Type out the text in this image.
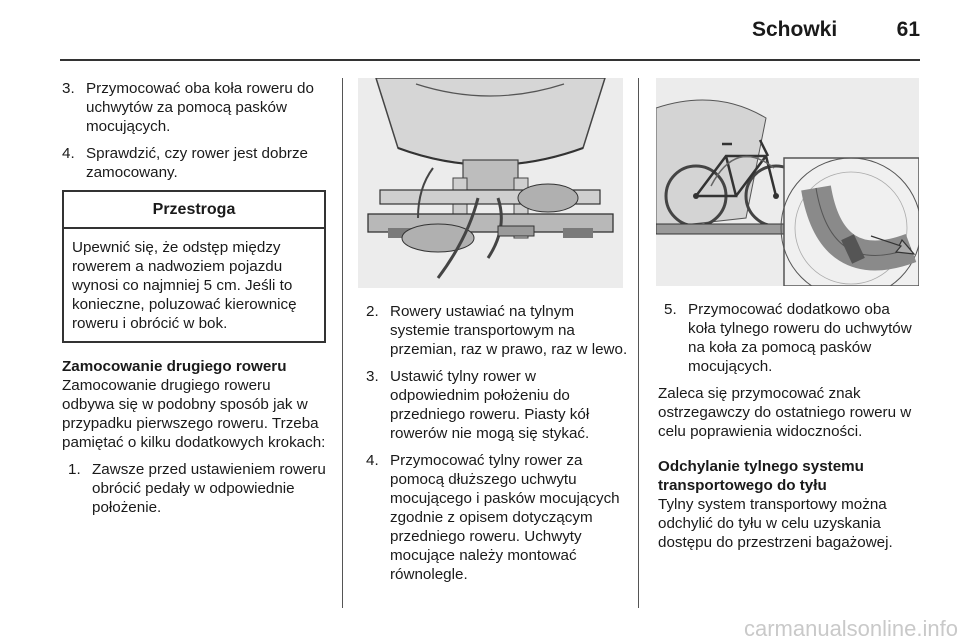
Schowki	61
3. Przymocować oba koła roweru do uchwytów za pomocą pasków mocujących.
4. Sprawdzić, czy rower jest dobrze zamocowany.
Przestroga
Upewnić się, że odstęp między rowerem a nadwoziem pojazdu wynosi co najmniej 5 cm. Jeśli to konieczne, poluzować kierownicę roweru i obrócić w bok.
Zamocowanie drugiego roweru

Zamocowanie drugiego roweru odbywa się w podobny sposób jak w przypadku pierwszego roweru. Trzeba pamiętać o kilku dodatkowych krokach:

1. Zawsze przed ustawieniem roweru obrócić pedały w odpowiednie położenie.
2. Rowery ustawiać na tylnym systemie transportowym na przemian, raz w prawo, raz w lewo.
3. Ustawić tylny rower w odpowiednim położeniu do przedniego roweru. Piasty kół rowerów nie mogą się stykać.
4. Przymocować tylny rower za pomocą dłuższego uchwytu mocującego i pasków mocujących zgodnie z opisem dotyczącym przedniego roweru. Uchwyty mocujące należy montować równolegle.
5. Przymocować dodatkowo oba koła tylnego roweru do uchwytów na koła za pomocą pasków mocujących.

Zaleca się przymocować znak ostrzegawczy do ostatniego roweru w celu poprawienia widoczności.

Odchylanie tylnego systemu transportowego do tyłu

Tylny system transportowy można odchylić do tyłu w celu uzyskania dostępu do przestrzeni bagażowej.

carmanualsonline.info
